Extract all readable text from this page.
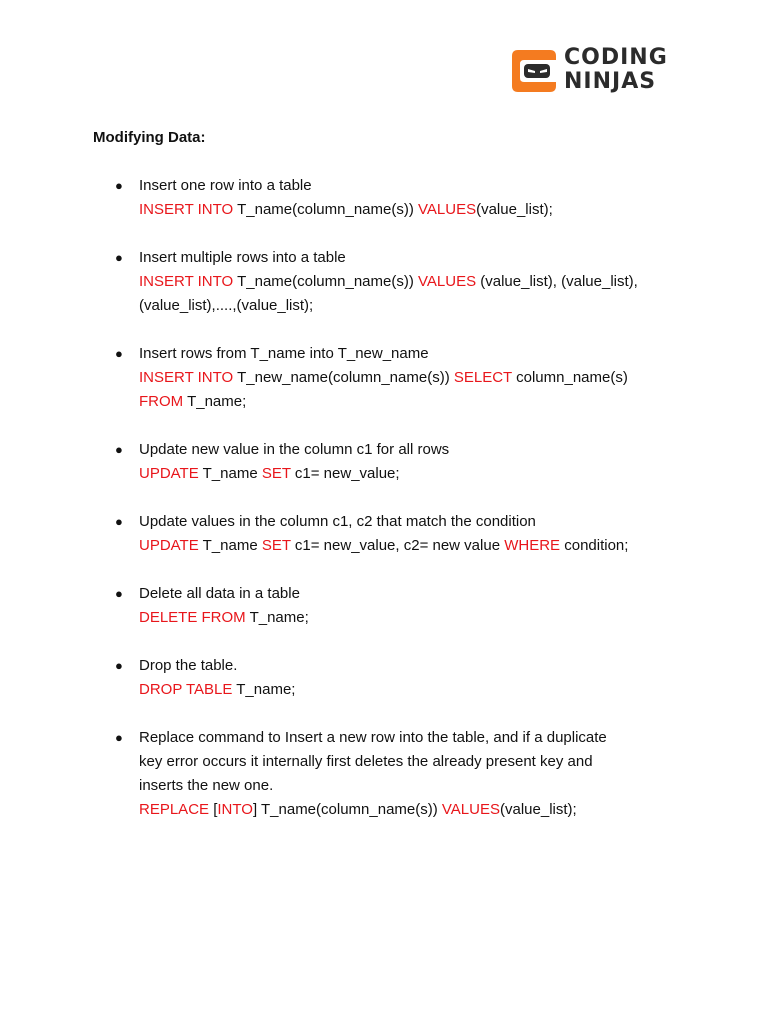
CODING
NINJAS
Modifying Data:
● Insert one row into a table
INSERT INTO T_name(column_name(s)) VALUES(value_list);
● Insert multiple rows into a table
INSERT INTO T_name(column_name(s)) VALUES (value_list), (value_list),
(value_list),....,(value_list);
● Insert rows from T_name into T_new_name
INSERT INTO T_new_name(column_name(s)) SELECT column_name(s)
FROM T_name;
● Update new value in the column c1 for all rows
UPDATE T_name SET c1= new_value;
● Update values in the column c1, c2 that match the condition
UPDATE T_name SET c1= new_value, c2= new value WHERE condition;
● Delete all data in a table
DELETE FROM T_name;
● Drop the table.
DROP TABLE T_name;
● Replace command to Insert a new row into the table, and if a duplicate
key error occurs it internally first deletes the already present key and
inserts the new one.
REPLACE [INTO] T_name(column_name(s)) VALUES(value_list);
